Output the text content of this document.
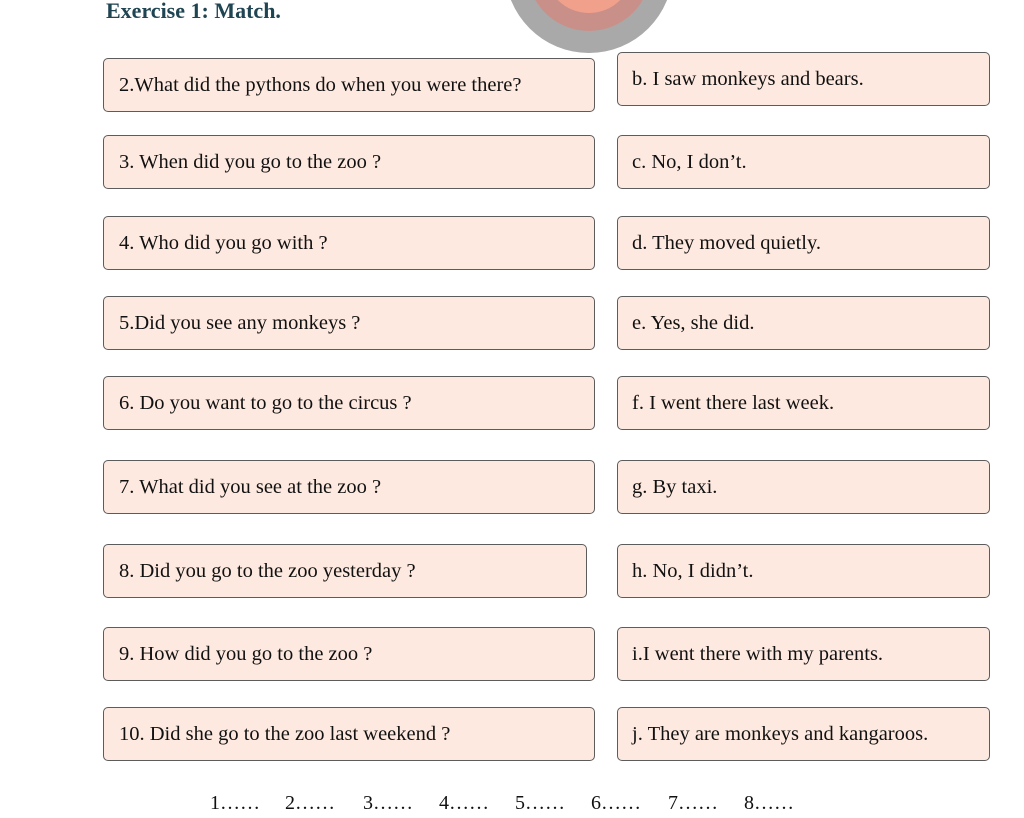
Exercise 1: Match.
2.What did the pythons do when you were there?
3. When did you go to the zoo ?
4. Who did you go with ?
5.Did you see any monkeys ?
6. Do you want to go to the circus ?
7. What did you see at the zoo ?
8. Did you go to the zoo yesterday ?
9. How did you go to the zoo ?
10. Did she go to the zoo last weekend ?
b. I saw monkeys and bears.
c. No, I don’t.
d. They moved quietly.
e. Yes, she did.
f. I went there last week.
g. By taxi.
h. No, I didn’t.
i.I went there with my parents.
j. They are monkeys and kangaroos.
1…… 2…… 3…… 4…… 5…… 6…… 7…… 8……
